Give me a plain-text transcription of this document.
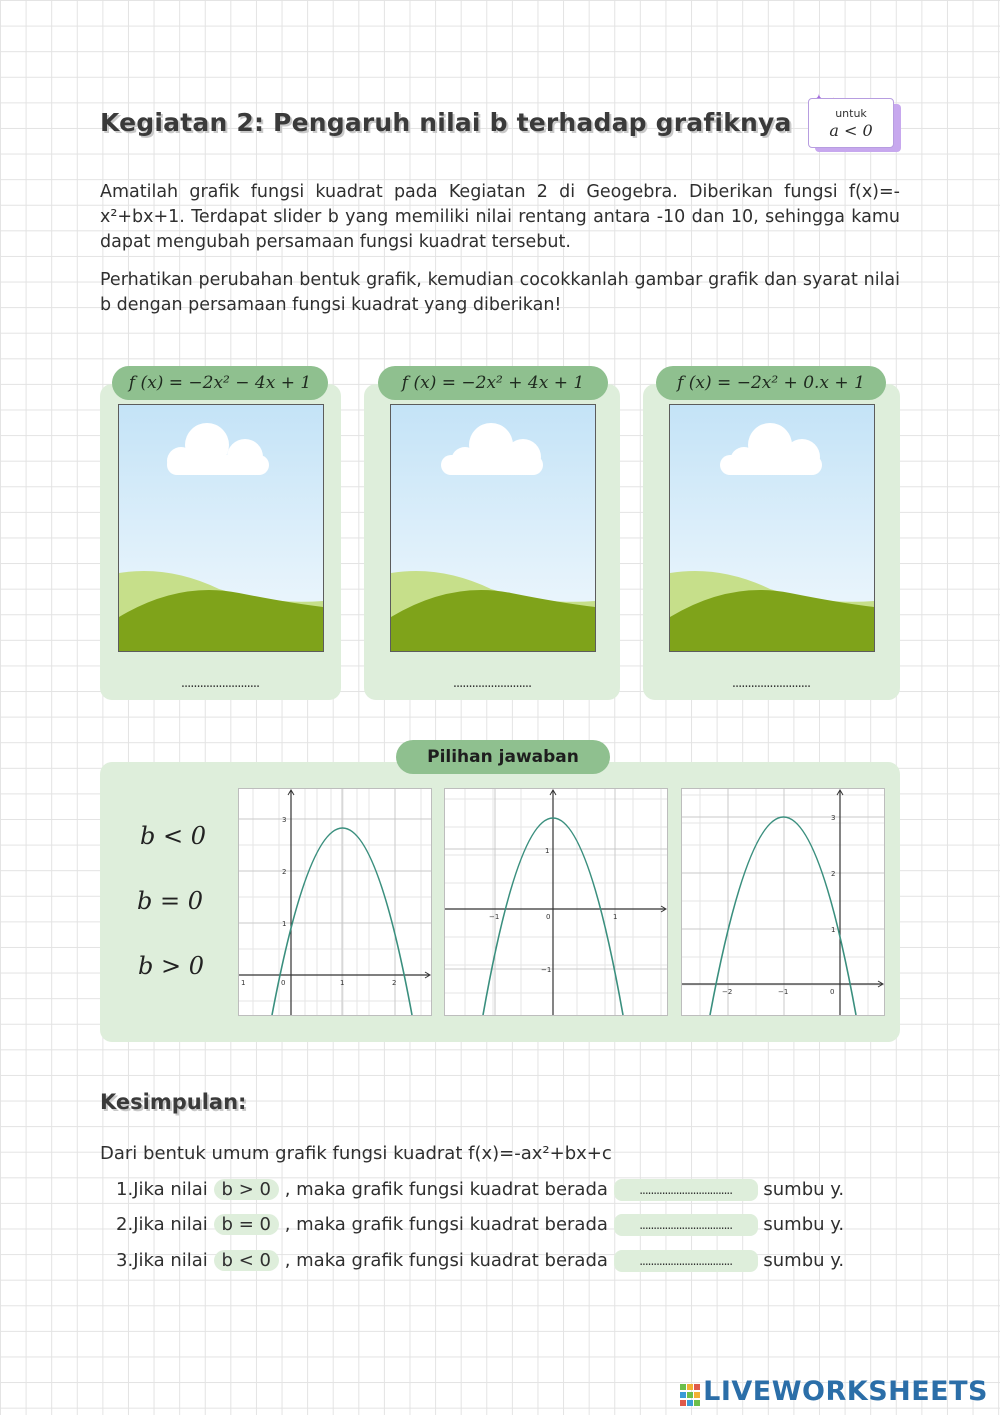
Kegiatan 2: Pengaruh nilai b terhadap grafiknya	untuk
a < 0
Amatilah grafik fungsi kuadrat pada Kegiatan 2 di Geogebra. Diberikan fungsi f(x)=-x²+bx+1. Terdapat slider b yang memiliki nilai rentang antara -10 dan 10, sehingga kamu dapat mengubah persamaan fungsi kuadrat tersebut.
Perhatikan perubahan bentuk grafik, kemudian cocokkanlah gambar grafik dan syarat nilai b dengan persamaan fungsi kuadrat yang diberikan!
f (x) = −2x² − 4x + 1	f (x) = −2x² + 4x + 1	f (x) = −2x² + 0.x + 1
.........................	.........................	.........................
Pilihan jawaban
b < 0
b = 0
b > 0
1	0	1	2
1
2
3
−1	0	1
1
−1
−2	−1	0
1
2
3
Kesimpulan:
Dari bentuk umum grafik fungsi kuadrat f(x)=-ax²+bx+c
1.Jika nilai b > 0 , maka grafik fungsi kuadrat berada	................................. sumbu y.
2.Jika nilai b = 0 , maka grafik fungsi kuadrat berada	................................. sumbu y.
3.Jika nilai b < 0 , maka grafik fungsi kuadrat berada	................................. sumbu y.
LIVEWORKSHEETS
